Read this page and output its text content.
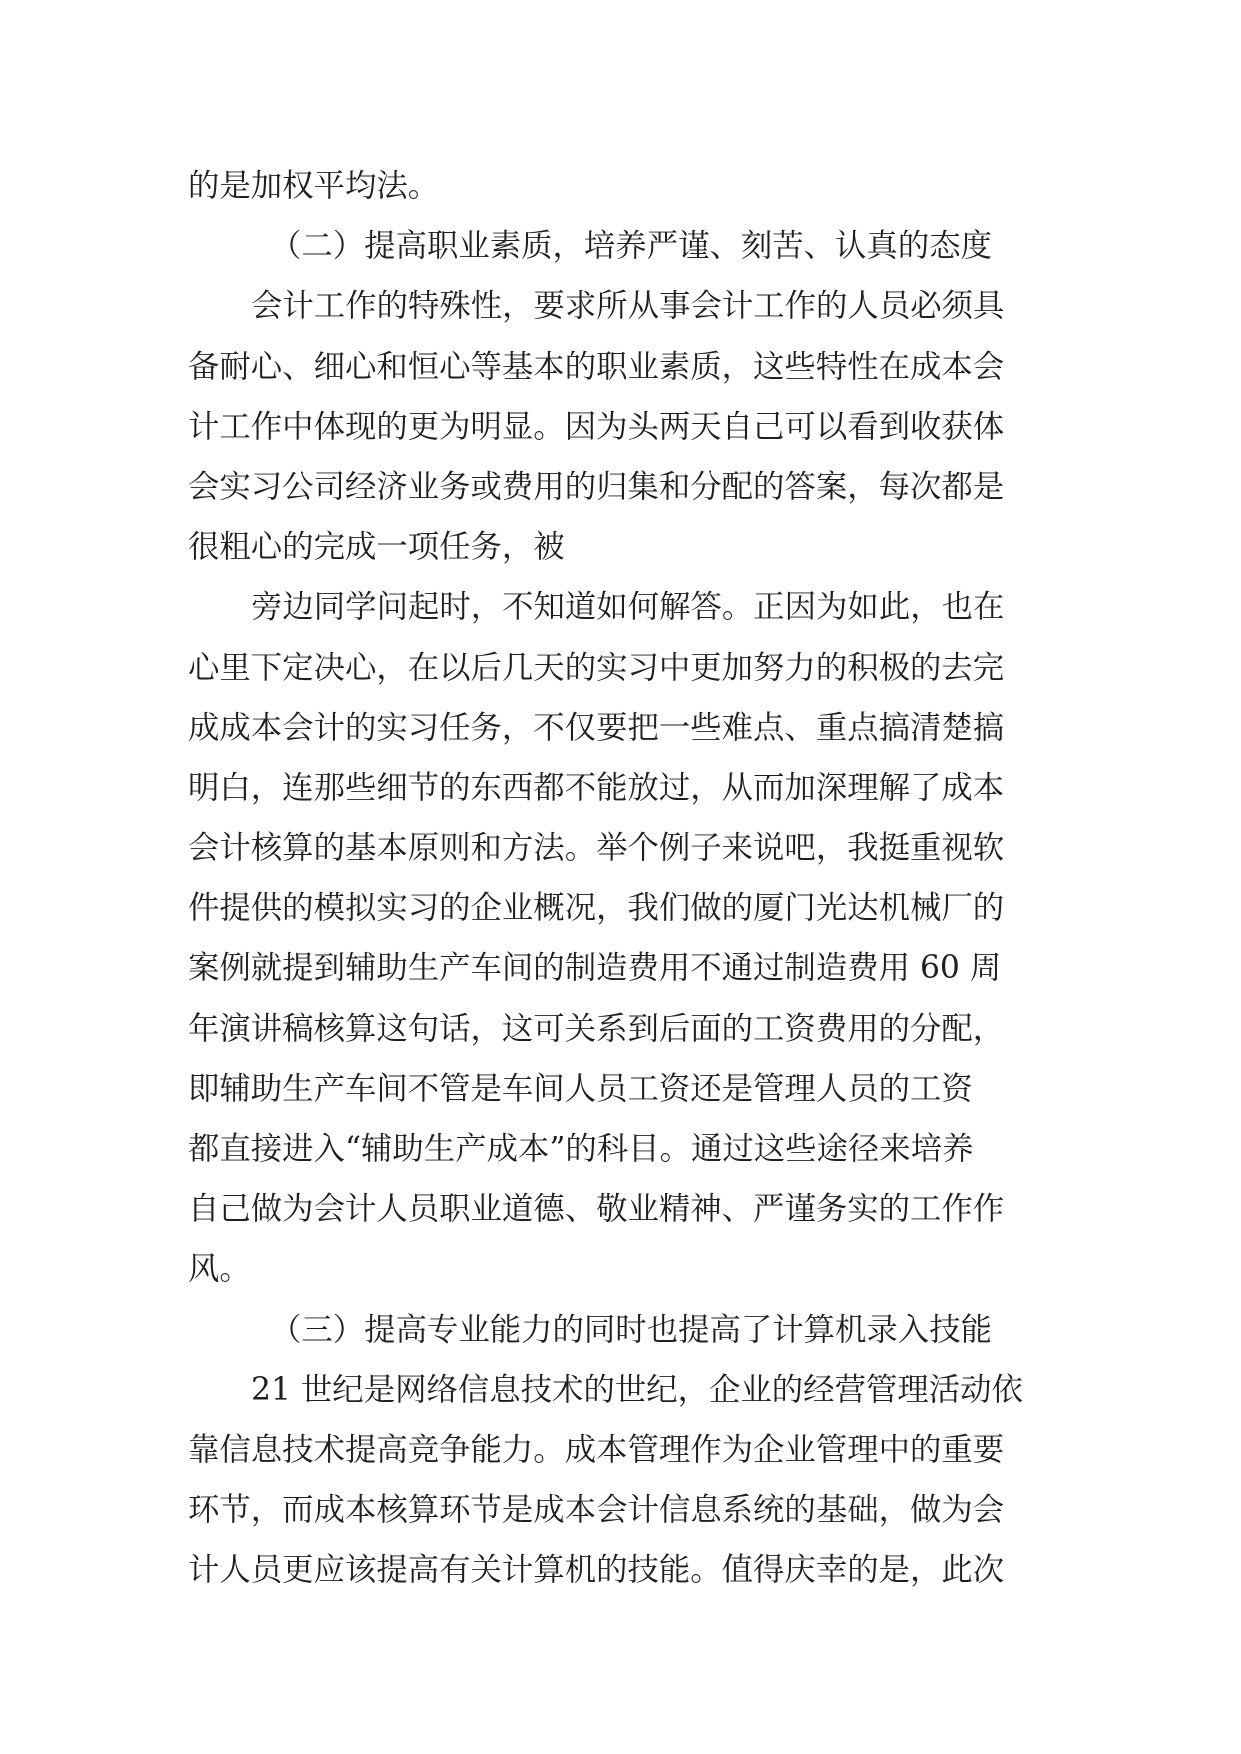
的是加权平均法。
（二）提高职业素质，培养严谨、刻苦、认真的态度
会计工作的特殊性，要求所从事会计工作的人员必须具
备耐心、细心和恒心等基本的职业素质，这些特性在成本会
计工作中体现的更为明显。因为头两天自己可以看到收获体
会实习公司经济业务或费用的归集和分配的答案，每次都是
很粗心的完成一项任务，被
旁边同学问起时，不知道如何解答。正因为如此，也在
心里下定决心，在以后几天的实习中更加努力的积极的去完
成成本会计的实习任务，不仅要把一些难点、重点搞清楚搞
明白，连那些细节的东西都不能放过，从而加深理解了成本
会计核算的基本原则和方法。举个例子来说吧，我挺重视软
件提供的模拟实习的企业概况，我们做的厦门光达机械厂的
案例就提到辅助生产车间的制造费用不通过制造费用 60 周
年演讲稿核算这句话，这可关系到后面的工资费用的分配，
即辅助生产车间不管是车间人员工资还是管理人员的工资
都直接进入“辅助生产成本”的科目。通过这些途径来培养
自己做为会计人员职业道德、敬业精神、严谨务实的工作作
风。
（三）提高专业能力的同时也提高了计算机录入技能
21 世纪是网络信息技术的世纪，企业的经营管理活动依
靠信息技术提高竞争能力。成本管理作为企业管理中的重要
环节，而成本核算环节是成本会计信息系统的基础，做为会
计人员更应该提高有关计算机的技能。值得庆幸的是，此次
